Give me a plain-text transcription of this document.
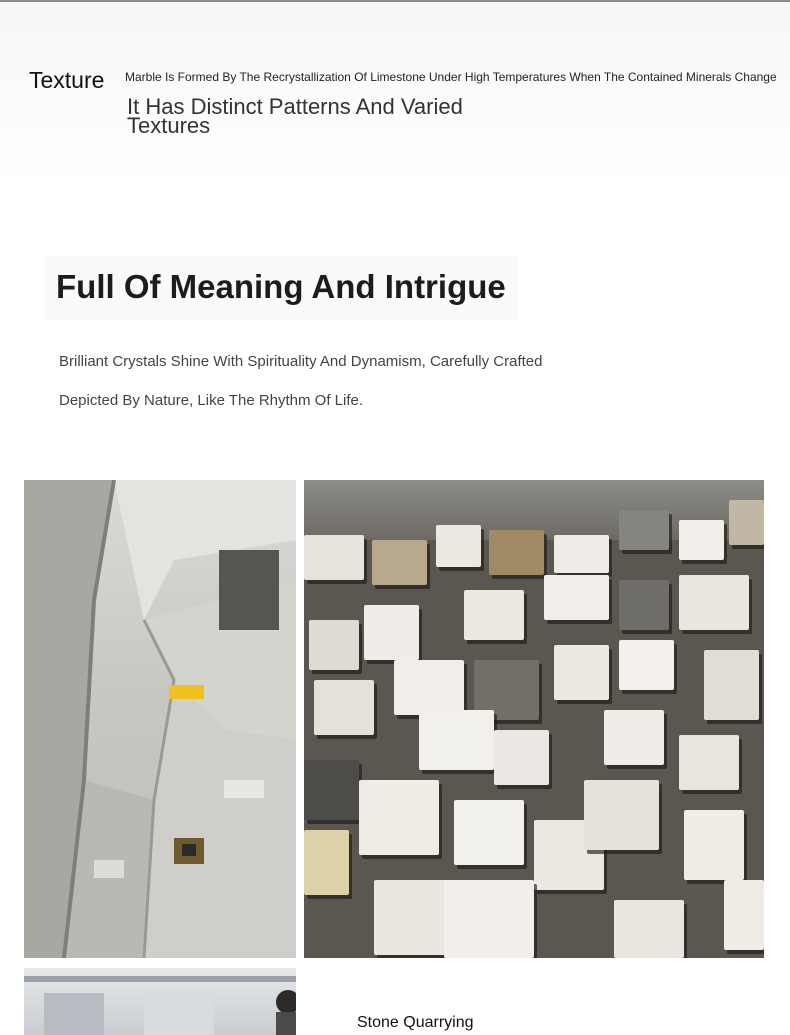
Texture Marble Is Formed By The Recrystallization Of Limestone Under High Temperatures When The Contained Minerals Change
It Has Distinct Patterns And Varied Textures
Full Of Meaning And Intrigue
Brilliant Crystals Shine With Spirituality And Dynamism, Carefully Crafted
Depicted By Nature, Like The Rhythm Of Life.
Stone Quarrying
